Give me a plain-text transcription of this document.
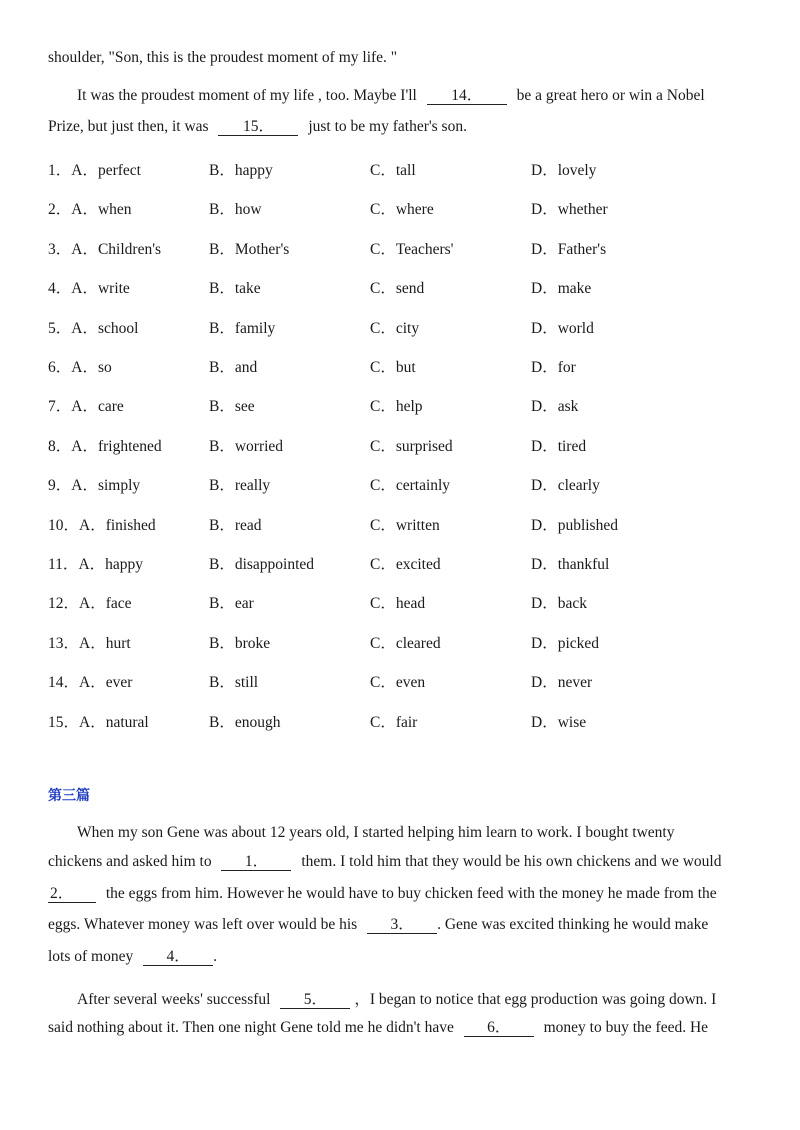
shoulder, "Son, this is the proudest moment of my life. "
It was the proudest moment of my life , too. Maybe I'll 14． be a great hero or win a Nobel
Prize, but just then, it was 15． just to be my father's son.
1．A．perfect	B．happy	C．tall	D．lovely
2．A．when	B．how	C．where	D．whether
3．A．Children's	B．Mother's	C．Teachers'	D．Father's
4．A．write	B．take	C．send	D．make
5．A．school	B．family	C．city	D．world
6．A．so	B．and	C．but	D．for
7．A．care	B．see	C．help	D．ask
8．A．frightened	B．worried	C．surprised	D．tired
9．A．simply	B．really	C．certainly	D．clearly
10．A．finished	B．read	C．written	D．published
11．A．happy	B．disappointed	C．excited	D．thankful
12．A．face	B．ear	C．head	D．back
13．A．hurt	B．broke	C．cleared	D．picked
14．A．ever	B．still	C．even	D．never
15．A．natural	B．enough	C．fair	D．wise
第三篇
When my son Gene was about 12 years old, I started helping him learn to work. I bought twenty
chickens and asked him to 1． them. I told him that they would be his own chickens and we would
2． the eggs from him. However he would have to buy chicken feed with the money he made from the
eggs. Whatever money was left over would be his 3． . Gene was excited thinking he would make
lots of money 4． .
After several weeks' successful 5． ，I began to notice that egg production was going down. I
said nothing about it. Then one night Gene told me he didn't have 6． money to buy the feed. He
